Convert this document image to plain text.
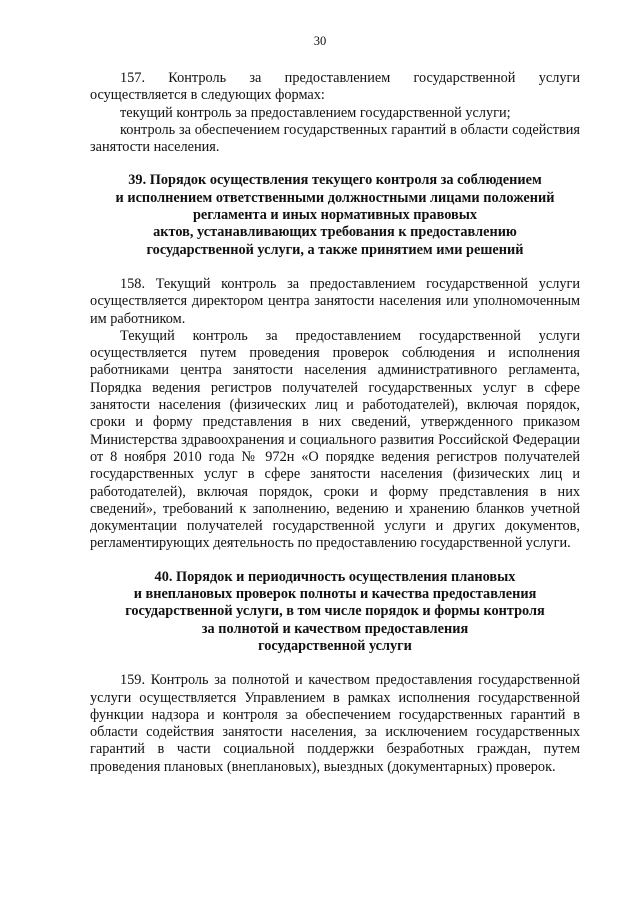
30

157. Контроль за предоставлением государственной услуги осуществляется в следующих формах:

текущий контроль за предоставлением государственной услуги;

контроль за обеспечением государственных гарантий в области содействия занятости населения.

39. Порядок осуществления текущего контроля за соблюдением
и исполнением ответственными должностными лицами положений
регламента и иных нормативных правовых
актов, устанавливающих требования к предоставлению
государственной услуги, а также принятием ими решений

158. Текущий контроль за предоставлением государственной услуги осуществляется директором центра занятости населения или уполномоченным им работником.

Текущий контроль за предоставлением государственной услуги осуществляется путем проведения проверок соблюдения и исполнения работниками центра занятости населения административного регламента, Порядка ведения регистров получателей государственных услуг в сфере занятости населения (физических лиц и работодателей), включая порядок, сроки и форму представления в них сведений, утвержденного приказом Министерства здравоохранения и социального развития Российской Федерации от 8 ноября 2010 года № 972н «О порядке ведения регистров получателей государственных услуг в сфере занятости населения (физических лиц и работодателей), включая порядок, сроки и форму представления в них сведений», требований к заполнению, ведению и хранению бланков учетной документации получателей государственной услуги и других документов, регламентирующих деятельность по предоставлению государственной услуги.

40. Порядок и периодичность осуществления плановых
и внеплановых проверок полноты и качества предоставления
государственной услуги, в том числе порядок и формы контроля
за полнотой и качеством предоставления
государственной услуги

159. Контроль за полнотой и качеством предоставления государственной услуги осуществляется Управлением в рамках исполнения государственной функции надзора и контроля за обеспечением государственных гарантий в области содействия занятости населения, за исключением государственных гарантий в части социальной поддержки безработных граждан, путем проведения плановых (внеплановых), выездных (документарных) проверок.
